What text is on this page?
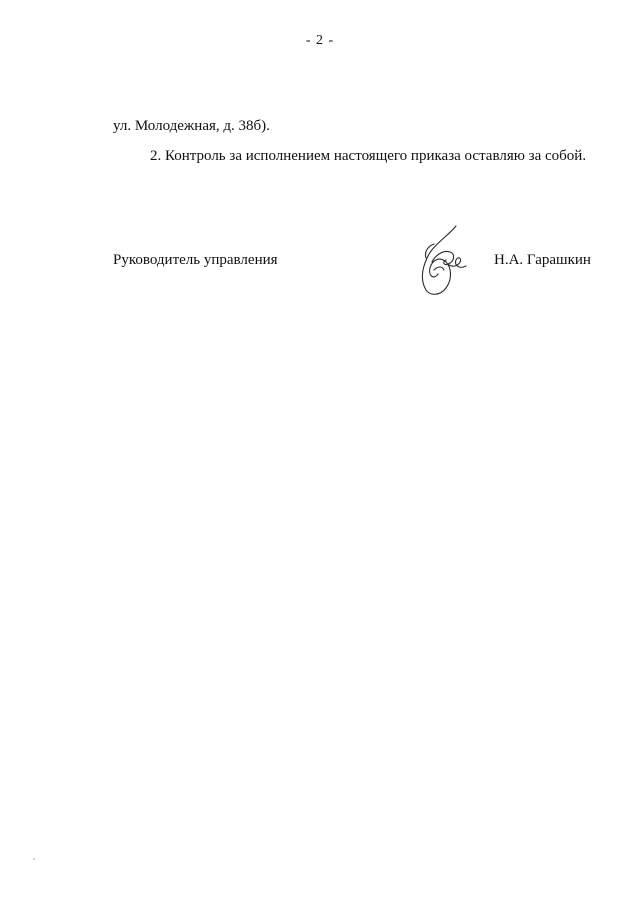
- 2 -
ул. Молодежная, д. 38б).
2. Контроль за исполнением настоящего приказа оставляю за собой.
Руководитель управления	Н.А. Гарашкин
